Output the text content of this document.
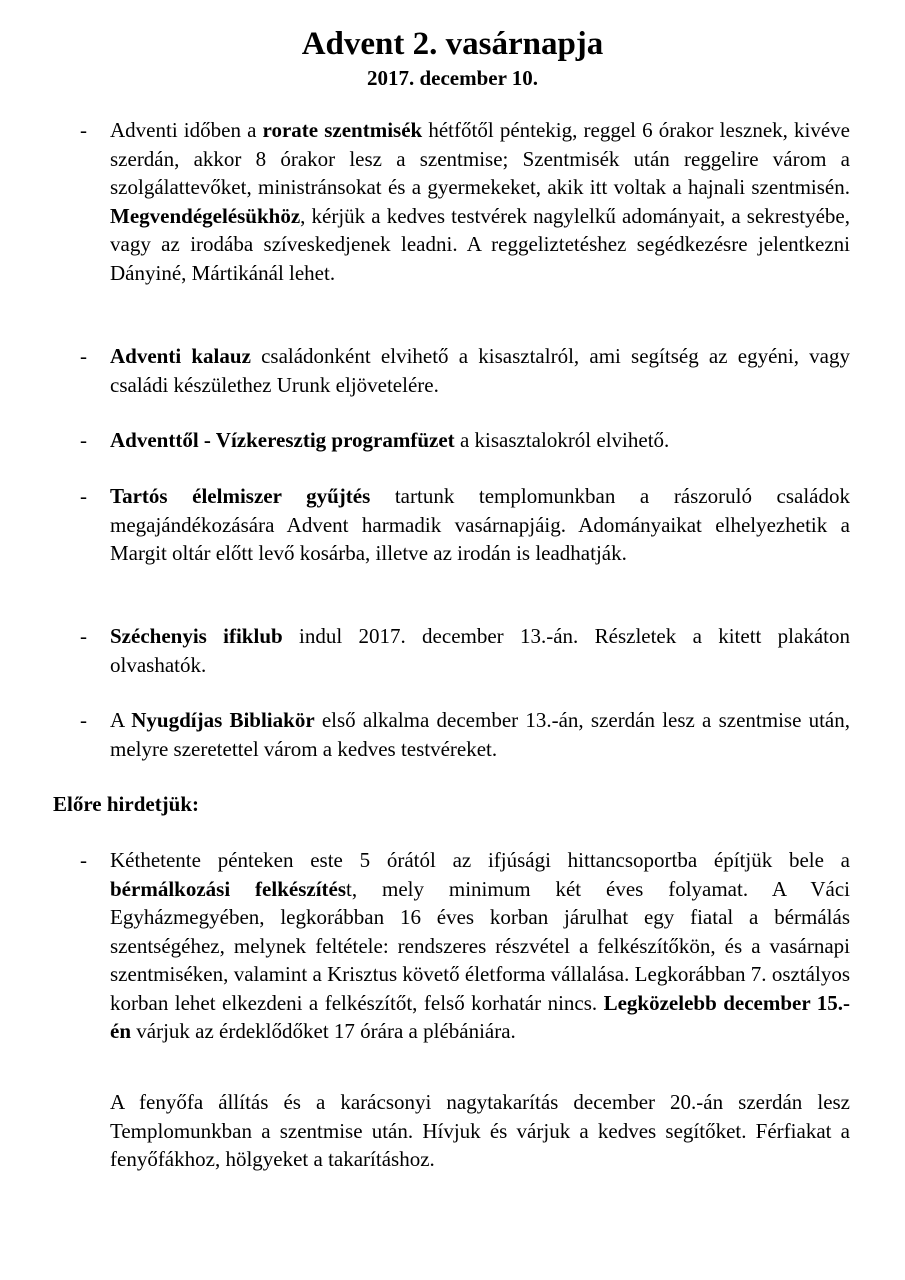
Advent 2. vasárnapja
2017. december 10.
-	Adventi időben a rorate szentmisék hétfőtől péntekig, reggel 6 órakor lesznek, kivéve szerdán, akkor 8 órakor lesz a szentmise; Szentmisék után reggelire várom a szolgálattevőket, ministránsokat és a gyermekeket, akik itt voltak a hajnali szentmisén. Megvendégelésükhöz, kérjük a kedves testvérek nagylelkű adományait, a sekrestyébe, vagy az irodába szíveskedjenek leadni. A reggeliztetéshez segédkezésre jelentkezni Dányiné, Mártikánál lehet.

-	Adventi kalauz családonként elvihető a kisasztalról, ami segítség az egyéni, vagy családi készülethez Urunk eljövetelére.

-	Adventtől - Vízkeresztig programfüzet a kisasztalokról elvihető.

-	Tartós élelmiszer gyűjtés tartunk templomunkban a rászoruló családok megajándékozására Advent harmadik vasárnapjáig. Adományaikat elhelyezhetik a Margit oltár előtt levő kosárba, illetve az irodán is leadhatják.

-	Széchenyis ifiklub indul 2017. december 13.-án. Részletek a kitett plakáton olvashatók.

-	A Nyugdíjas Bibliakör első alkalma december 13.-án, szerdán lesz a szentmise után, melyre szeretettel várom a kedves testvéreket.

Előre hirdetjük:
-	Kéthetente pénteken este 5 órától az ifjúsági hittancsoportba építjük bele a bérmálkozási felkészítést, mely minimum két éves folyamat. A Váci Egyházmegyében, legkorábban 16 éves korban járulhat egy fiatal a bérmálás szentségéhez, melynek feltétele: rendszeres részvétel a felkészítőkön, és a vasárnapi szentmiséken, valamint a Krisztus követő életforma vállalása. Legkorábban 7. osztályos korban lehet elkezdeni a felkészítőt, felső korhatár nincs. Legközelebb december 15.-én várjuk az érdeklődőket 17 órára a plébániára.

A fenyőfa állítás és a karácsonyi nagytakarítás december 20.-án szerdán lesz Templomunkban a szentmise után. Hívjuk és várjuk a kedves segítőket. Férfiakat a fenyőfákhoz, hölgyeket a takarításhoz.
